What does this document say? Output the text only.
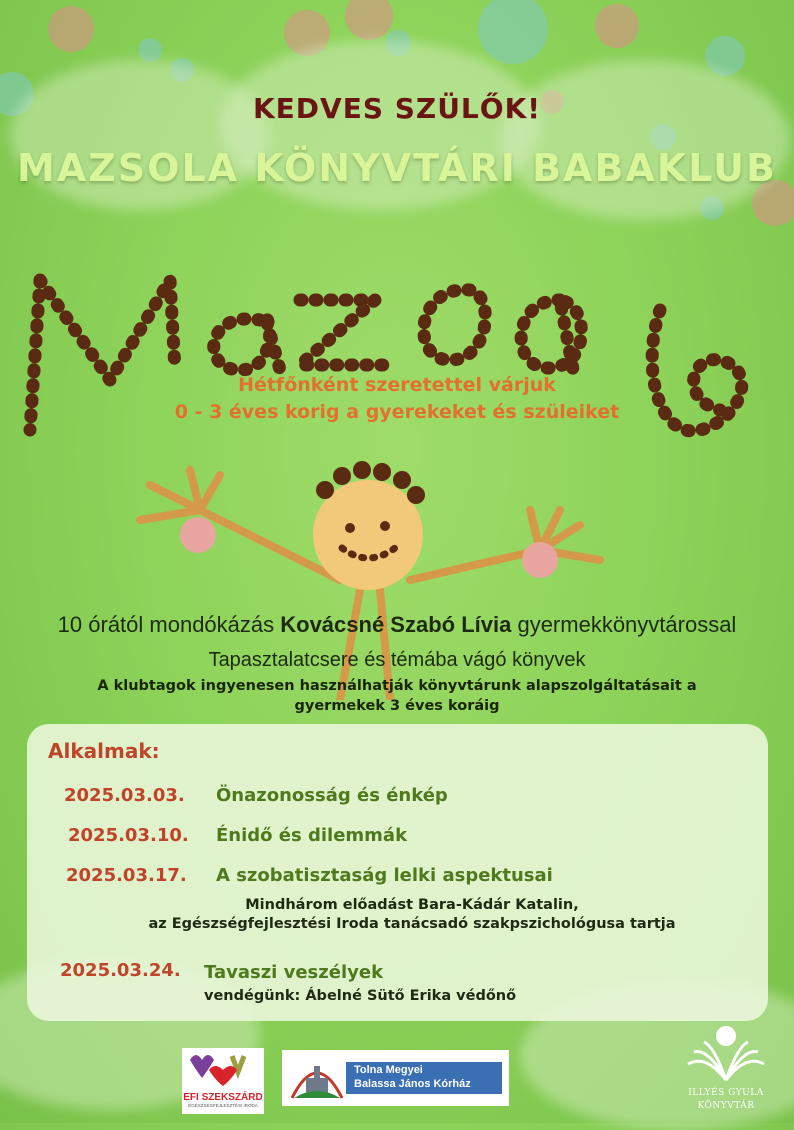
KEDVES SZÜLŐK!
MAZSOLA KÖNYVTÁRI BABAKLUB
Hétfőnként szeretettel várjuk
0 - 3 éves korig a gyerekeket és szüleiket
10 órától mondókázás Kovácsné Szabó Lívia gyermekkönyvtárossal
Tapasztalatcsere és témába vágó könyvek
A klubtagok ingyenesen használhatják könyvtárunk alapszolgáltatásait a
gyermekek 3 éves koráig
Alkalmak:
2025.03.03. Önazonosság és énkép
2025.03.10. Énidő és dilemmák
2025.03.17. A szobatisztaság lelki aspektusai
Mindhárom előadást Bara-Kádár Katalin,
az Egészségfejlesztési Iroda tanácsadó szakpszichológusa tartja
2025.03.24. Tavaszi veszélyek
vendégünk: Ábelné Sütő Erika védőnő
EFI SZEKSZÁRD
EGÉSZSÉGFEJLESZTÉSI IRODA
Tolna Megyei
Balassa János Kórház
ILLYÉS GYULA
KÖNYVTÁR
